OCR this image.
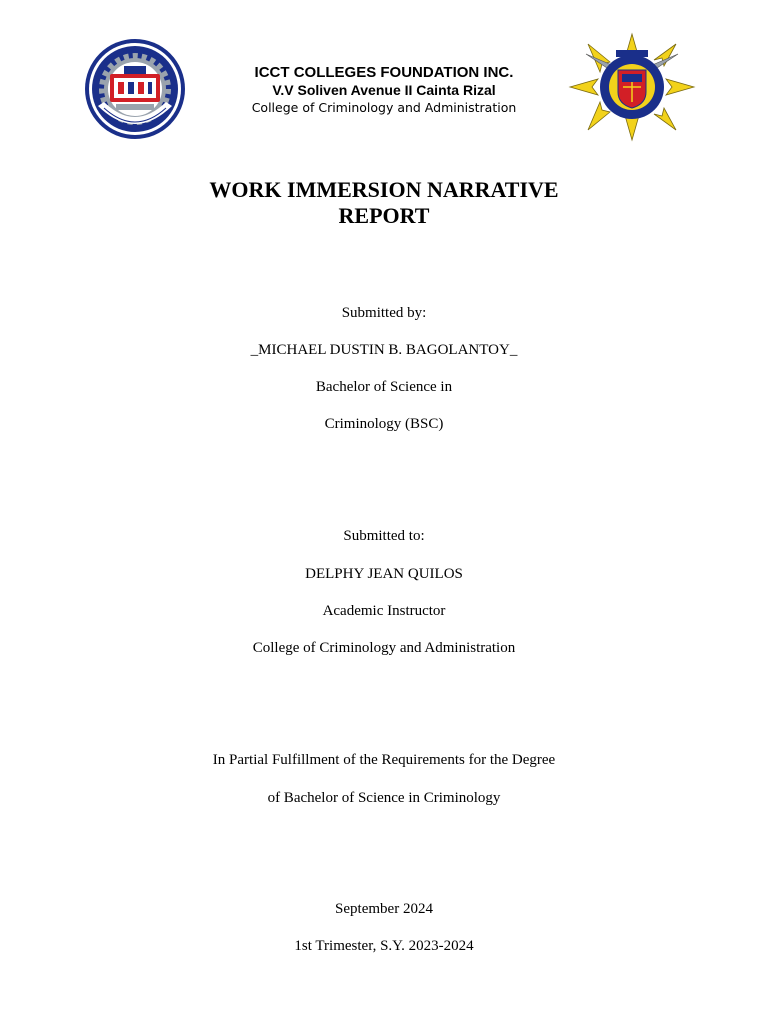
ICCT COLLEGES FOUNDATION INC.
V.V Soliven Avenue II Cainta Rizal
College of Criminology and Administration
WORK IMMERSION NARRATIVE
REPORT
Submitted by:
_MICHAEL DUSTIN B. BAGOLANTOY_
Bachelor of Science in
Criminology (BSC)
Submitted to:
DELPHY JEAN QUILOS
Academic Instructor
College of Criminology and Administration
In Partial Fulfillment of the Requirements for the Degree
of Bachelor of Science in Criminology
September 2024
1st Trimester, S.Y. 2023-2024
